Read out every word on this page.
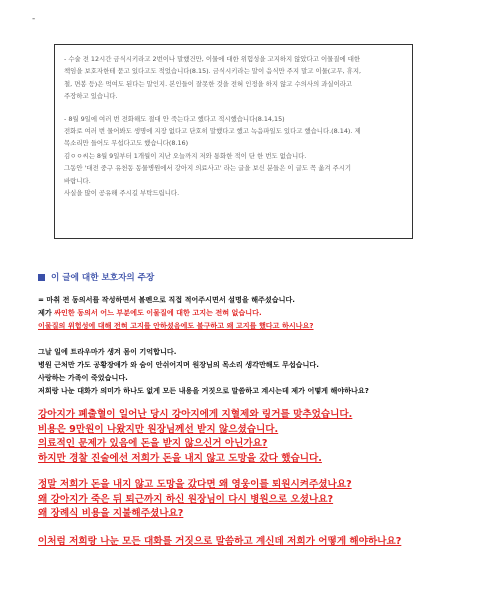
-

- 수술 전 12시간 금식시키라고 2번이나 말했건만, 이물에 대한 위험성을 고지하지 않았다고 이물질에 대한

책임을 보호자한테 묻고 있다고도 적었습니다(8.15). 금식시키라는 말이 음식만 주지 말고 이물(고무, 휴지,

철, 면봉 등)은 먹여도 된다는 말인지. 본인들이 잘못한 것을 전혀 인정을 하지 않고 수의사의 과실이라고

주장하고 있습니다.

- 8월 9일에 여러 번 전화해도 절대 안 죽는다고 했다고 적시했습니다(8.14,15)

전화로 여러 번 물어봐도 생명에 지장 없다고 단호히 말했다고 했고 녹음파일도 있다고 했습니다.(8.14). 제

목소리만 들어도 무섭다고도 했습니다(8.16)

김ㅇㅇ씨는 8월 9일부터 1개월이 지난 오늘까지 저와 통화한 적이 단 한 번도 없습니다.

그동안 '대전 중구 유천동 동물병원에서 강아지 의료사고' 라는 글을 보신 분들은 이 글도 꼭 옮겨 주시기

바랍니다.

사실을 많이 공유해 주시길 부탁드립니다.

이 글에 대한 보호자의 주장
= 마취 전 동의서를 작성하면서 볼펜으로 직접 적어주시면서 설명을 해주셨습니다.
제가 싸인한 동의서 어느 부분에도 이물질에 대한 고지는 전혀 없습니다.
이물질의 위험성에 대해 전혀 고지를 안하셨음에도 불구하고 왜 고지를 했다고 하시나요?
그날 일에 트라우마가 생겨 몸이 기억합니다.
병원 근처만 가도 공황장애가 와 숨이 안쉬어지며 원장님의 목소리 생각만해도 무섭습니다.
사랑하는 가족이 죽었습니다.
저희랑 나눈 대화가 의미가 하나도 없게 모든 내용을 거짓으로 말씀하고 계시는데 제가 어떻게 해야하나요?
강아지가 폐출혈이 일어난 당시 강아지에게 지혈제와 링거를 맞추었습니다.
비용은 9만원이 나왔지만 원장님께선 받지 않으셨습니다.
의료적인 문제가 있음에 돈을 받지 않으신거 아닌가요?
하지만 경찰 진술에선 저희가 돈을 내지 않고 도망을 갔다 했습니다.
정말 저희가 돈을 내지 않고 도망을 갔다면 왜 영웅이를 퇴원시켜주셨나요?
왜 강아지가 죽은 뒤 퇴근까지 하신 원장님이 다시 병원으로 오셨나요?
왜 장례식 비용을 지불해주셨나요?
이처럼 저희랑 나눈 모든 대화를 거짓으로 말씀하고 계신데 저희가 어떻게 해야하나요?
